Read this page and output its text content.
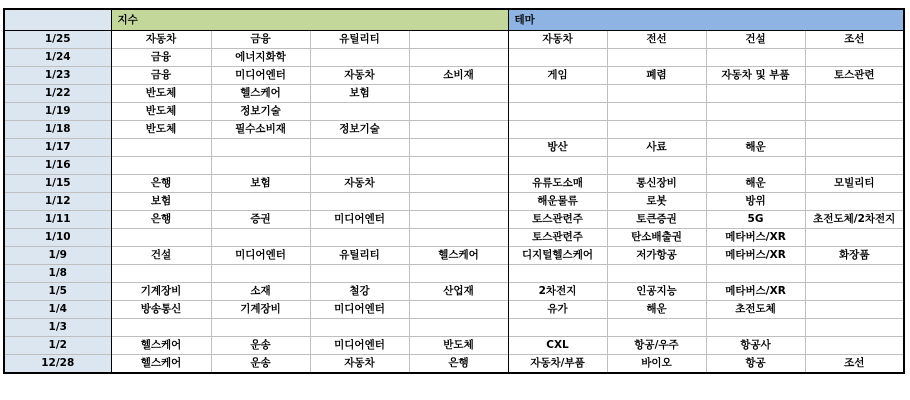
	지수				테마			
1/25	자동차	금융	유틸리티		자동차	전선	건설	조선
1/24	금융	에너지화학						
1/23	금융	미디어엔터	자동차	소비재	게임	폐렴	자동차 및 부품	토스관련
1/22	반도체	헬스케어	보험					
1/19	반도체	정보기술						
1/18	반도체	필수소비재	정보기술					
1/17					방산	사료	해운	
1/16								
1/15	은행	보험	자동차		유류도소매	통신장비	해운	모빌리티
1/12	보험				해운물류	로봇	방위	
1/11	은행	증권	미디어엔터		토스관련주	토큰증권	5G	초전도체/2차전지
1/10					토스관련주	탄소배출권	메타버스/XR	
1/9	건설	미디어엔터	유틸리티	헬스케어	디지털헬스케어	저가항공	메타버스/XR	화장품
1/8								
1/5	기계장비	소재	철강	산업재	2차전지	인공지능	메타버스/XR	
1/4	방송통신	기계장비	미디어엔터		유가	해운	초전도체	
1/3								
1/2	헬스케어	운송	미디어엔터	반도체	CXL	항공/우주	항공사	
12/28	헬스케어	운송	자동차	은행	자동차/부품	바이오	항공	조선
